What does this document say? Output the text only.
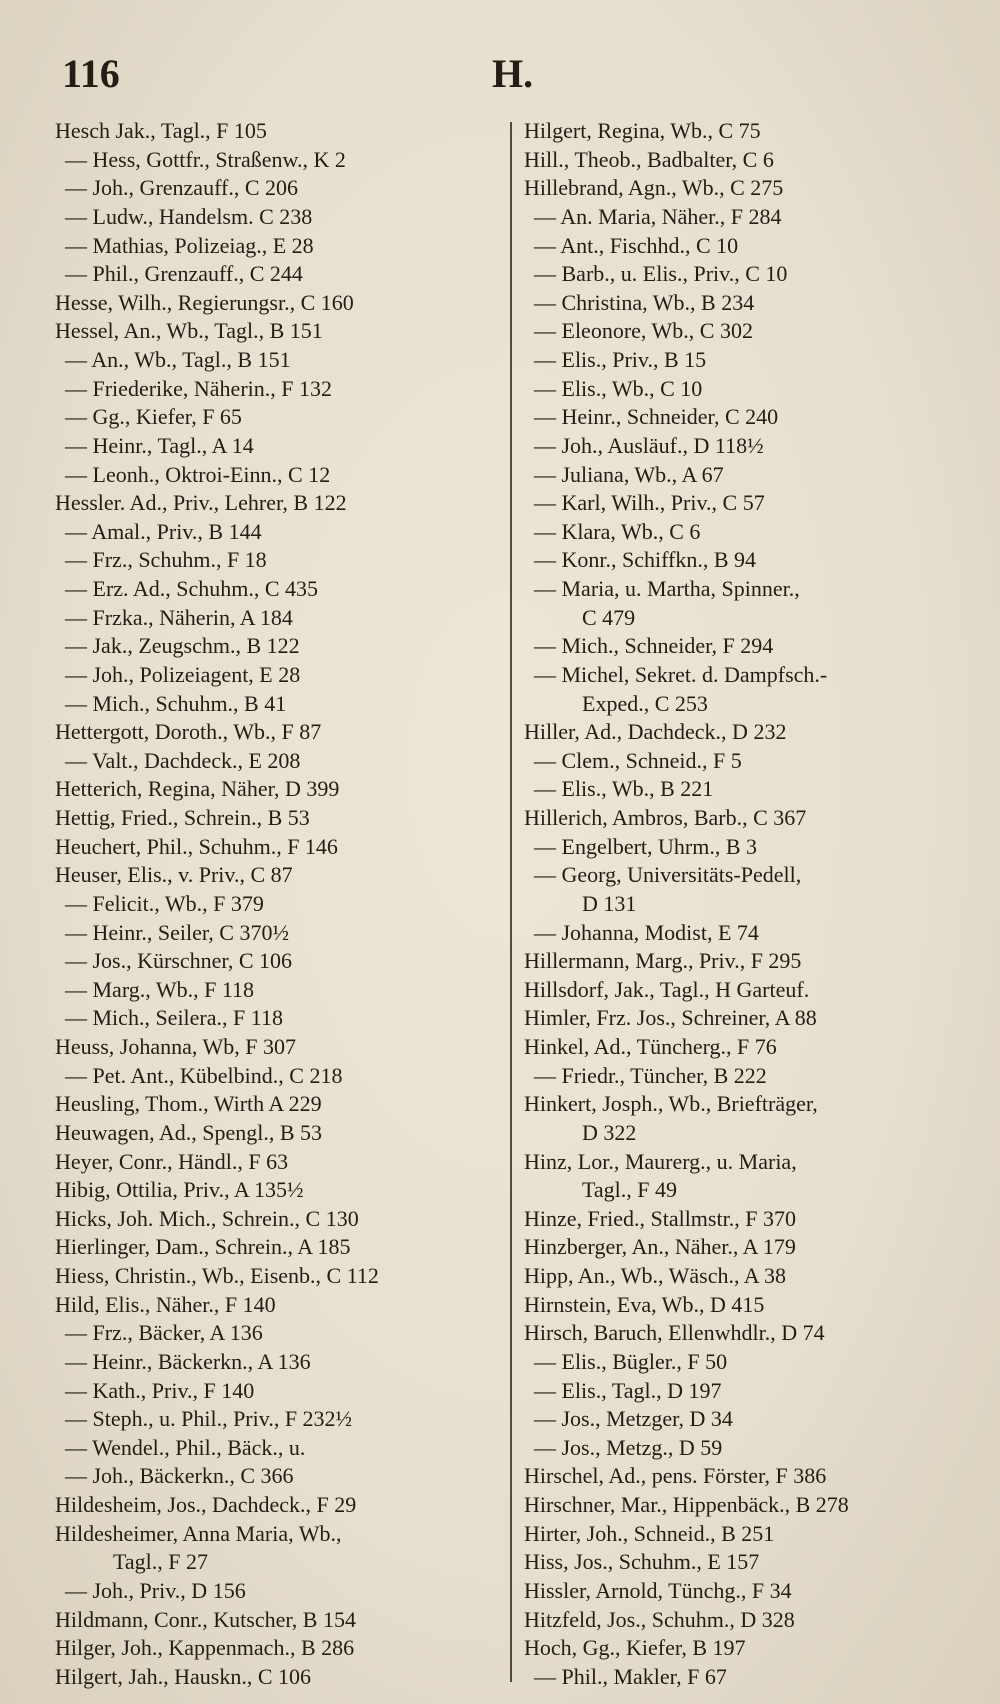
116	H.
Hesch Jak., Tagl., F 105
— Hess, Gottfr., Straßenw., K 2
— Joh., Grenzauff., C 206
— Ludw., Handelsm. C 238
— Mathias, Polizeiag., E 28
— Phil., Grenzauff., C 244
Hesse, Wilh., Regierungsr., C 160
Hessel, An., Wb., Tagl., B 151
— An., Wb., Tagl., B 151
— Friederike, Näherin., F 132
— Gg., Kiefer, F 65
— Heinr., Tagl., A 14
— Leonh., Oktroi-Einn., C 12
Hessler. Ad., Priv., Lehrer, B 122
— Amal., Priv., B 144
— Frz., Schuhm., F 18
— Erz. Ad., Schuhm., C 435
— Frzka., Näherin, A 184
— Jak., Zeugschm., B 122
— Joh., Polizeiagent, E 28
— Mich., Schuhm., B 41
Hettergott, Doroth., Wb., F 87
— Valt., Dachdeck., E 208
Hetterich, Regina, Näher, D 399
Hettig, Fried., Schrein., B 53
Heuchert, Phil., Schuhm., F 146
Heuser, Elis., v. Priv., C 87
— Felicit., Wb., F 379
— Heinr., Seiler, C 370½
— Jos., Kürschner, C 106
— Marg., Wb., F 118
— Mich., Seilera., F 118
Heuss, Johanna, Wb, F 307
— Pet. Ant., Kübelbind., C 218
Heusling, Thom., Wirth A 229
Heuwagen, Ad., Spengl., B 53
Heyer, Conr., Händl., F 63
Hibig, Ottilia, Priv., A 135½
Hicks, Joh. Mich., Schrein., C 130
Hierlinger, Dam., Schrein., A 185
Hiess, Christin., Wb., Eisenb., C 112
Hild, Elis., Näher., F 140
— Frz., Bäcker, A 136
— Heinr., Bäckerkn., A 136
— Kath., Priv., F 140
— Steph., u. Phil., Priv., F 232½
— Wendel., Phil., Bäck., u.
— Joh., Bäckerkn., C 366
Hildesheim, Jos., Dachdeck., F 29
Hildesheimer, Anna Maria, Wb.,
Tagl., F 27
— Joh., Priv., D 156
Hildmann, Conr., Kutscher, B 154
Hilger, Joh., Kappenmach., B 286
Hilgert, Jah., Hauskn., C 106
Hilgert, Regina, Wb., C 75
Hill., Theob., Badbalter, C 6
Hillebrand, Agn., Wb., C 275
— An. Maria, Näher., F 284
— Ant., Fischhd., C 10
— Barb., u. Elis., Priv., C 10
— Christina, Wb., B 234
— Eleonore, Wb., C 302
— Elis., Priv., B 15
— Elis., Wb., C 10
— Heinr., Schneider, C 240
— Joh., Ausläuf., D 118½
— Juliana, Wb., A 67
— Karl, Wilh., Priv., C 57
— Klara, Wb., C 6
— Konr., Schiffkn., B 94
— Maria, u. Martha, Spinner.,
C 479
— Mich., Schneider, F 294
— Michel, Sekret. d. Dampfsch.-
Exped., C 253
Hiller, Ad., Dachdeck., D 232
— Clem., Schneid., F 5
— Elis., Wb., B 221
Hillerich, Ambros, Barb., C 367
— Engelbert, Uhrm., B 3
— Georg, Universitäts-Pedell,
D 131
— Johanna, Modist, E 74
Hillermann, Marg., Priv., F 295
Hillsdorf, Jak., Tagl., H Garteuf.
Himler, Frz. Jos., Schreiner, A 88
Hinkel, Ad., Tüncherg., F 76
— Friedr., Tüncher, B 222
Hinkert, Josph., Wb., Briefträger,
D 322
Hinz, Lor., Maurerg., u. Maria,
Tagl., F 49
Hinze, Fried., Stallmstr., F 370
Hinzberger, An., Näher., A 179
Hipp, An., Wb., Wäsch., A 38
Hirnstein, Eva, Wb., D 415
Hirsch, Baruch, Ellenwhdlr., D 74
— Elis., Bügler., F 50
— Elis., Tagl., D 197
— Jos., Metzger, D 34
— Jos., Metzg., D 59
Hirschel, Ad., pens. Förster, F 386
Hirschner, Mar., Hippenbäck., B 278
Hirter, Joh., Schneid., B 251
Hiss, Jos., Schuhm., E 157
Hissler, Arnold, Tünchg., F 34
Hitzfeld, Jos., Schuhm., D 328
Hoch, Gg., Kiefer, B 197
— Phil., Makler, F 67
